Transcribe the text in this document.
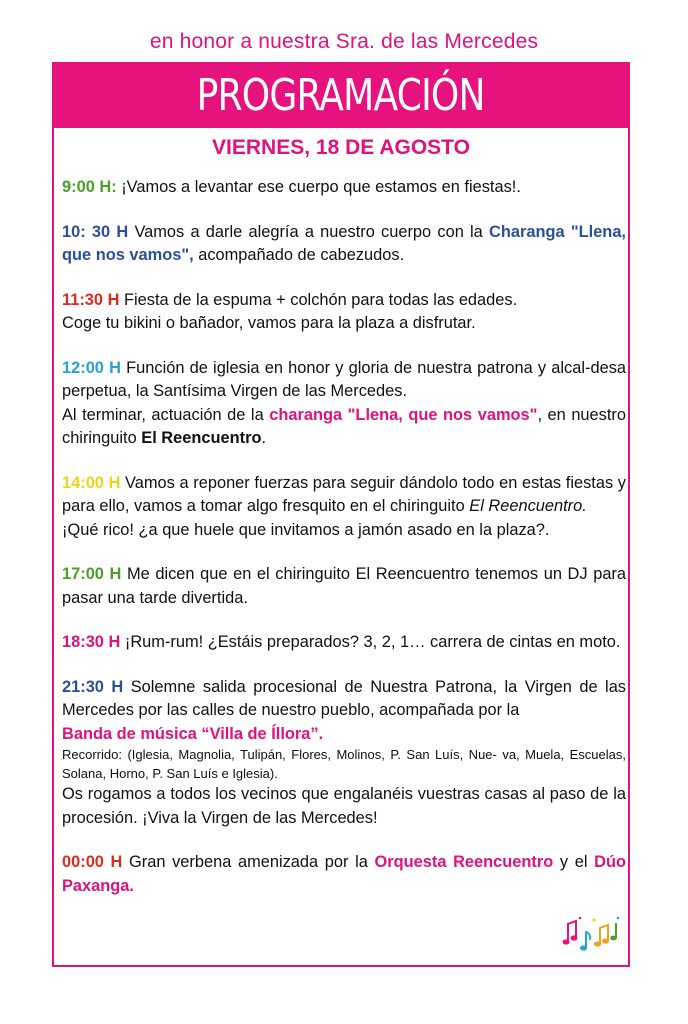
en honor a nuestra Sra. de las Mercedes
PROGRAMACIÓN
VIERNES, 18 DE AGOSTO

9:00 H: ¡Vamos a levantar ese cuerpo que estamos en fiestas!.

10: 30 H Vamos a darle alegría a nuestro cuerpo con la Charanga "Llena, que nos vamos", acompañado de cabezudos.

11:30 H Fiesta de la espuma + colchón para todas las edades.
Coge tu bikini o bañador, vamos para la plaza a disfrutar.

12:00 H Función de iglesia en honor y gloria de nuestra patrona y alcal-desa perpetua, la Santísima Virgen de las Mercedes.
Al terminar, actuación de la charanga "Llena, que nos vamos", en nuestro chiringuito El Reencuentro.

14:00 H Vamos a reponer fuerzas para seguir dándolo todo en estas fiestas y para ello, vamos a tomar algo fresquito en el chiringuito El Reencuentro.
¡Qué rico! ¿a que huele que invitamos a jamón asado en la plaza?.

17:00 H Me dicen que en el chiringuito El Reencuentro tenemos un DJ para pasar una tarde divertida.

18:30 H ¡Rum-rum! ¿Estáis preparados? 3, 2, 1… carrera de cintas en moto.

21:30 H Solemne salida procesional de Nuestra Patrona, la Virgen de las Mercedes por las calles de nuestro pueblo, acompañada por la
Banda de música “Villa de Íllora”.

Recorrido: (Iglesia, Magnolia, Tulipán, Flores, Molinos, P. San Luís, Nue- va, Muela, Escuelas, Solana, Horno, P. San Luís e Iglesia).
Os rogamos a todos los vecinos que engalanéis vuestras casas al paso de la procesión. ¡Viva la Virgen de las Mercedes!

00:00 H Gran verbena amenizada por la Orquesta Reencuentro y el Dúo Paxanga.
